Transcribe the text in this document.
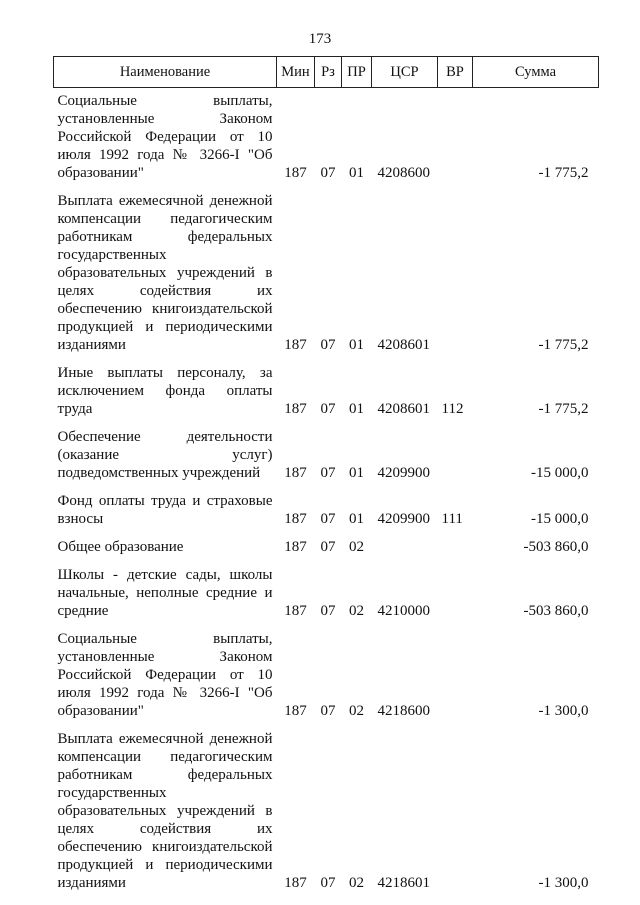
173
Наименование	Мин	Рз	ПР	ЦСР	ВР	Сумма
Социальные выплаты, установленные Законом Российской Федерации от 10 июля 1992 года № 3266-I "Об образовании"	187	07	01	4208600		-1 775,2
Выплата ежемесячной денежной компенсации педагогическим работникам федеральных государственных образовательных учреждений в целях содействия их обеспечению книгоиздательской продукцией и периодическими изданиями	187	07	01	4208601		-1 775,2
Иные выплаты персоналу, за исключением фонда оплаты труда	187	07	01	4208601	112	-1 775,2
Обеспечение деятельности (оказание услуг) подведомственных учреждений	187	07	01	4209900		-15 000,0
Фонд оплаты труда и страховые взносы	187	07	01	4209900	111	-15 000,0
Общее образование	187	07	02			-503 860,0
Школы - детские сады, школы начальные, неполные средние и средние	187	07	02	4210000		-503 860,0
Социальные выплаты, установленные Законом Российской Федерации от 10 июля 1992 года № 3266-I "Об образовании"	187	07	02	4218600		-1 300,0
Выплата ежемесячной денежной компенсации педагогическим работникам федеральных государственных образовательных учреждений в целях содействия их обеспечению книгоиздательской продукцией и периодическими изданиями	187	07	02	4218601		-1 300,0
